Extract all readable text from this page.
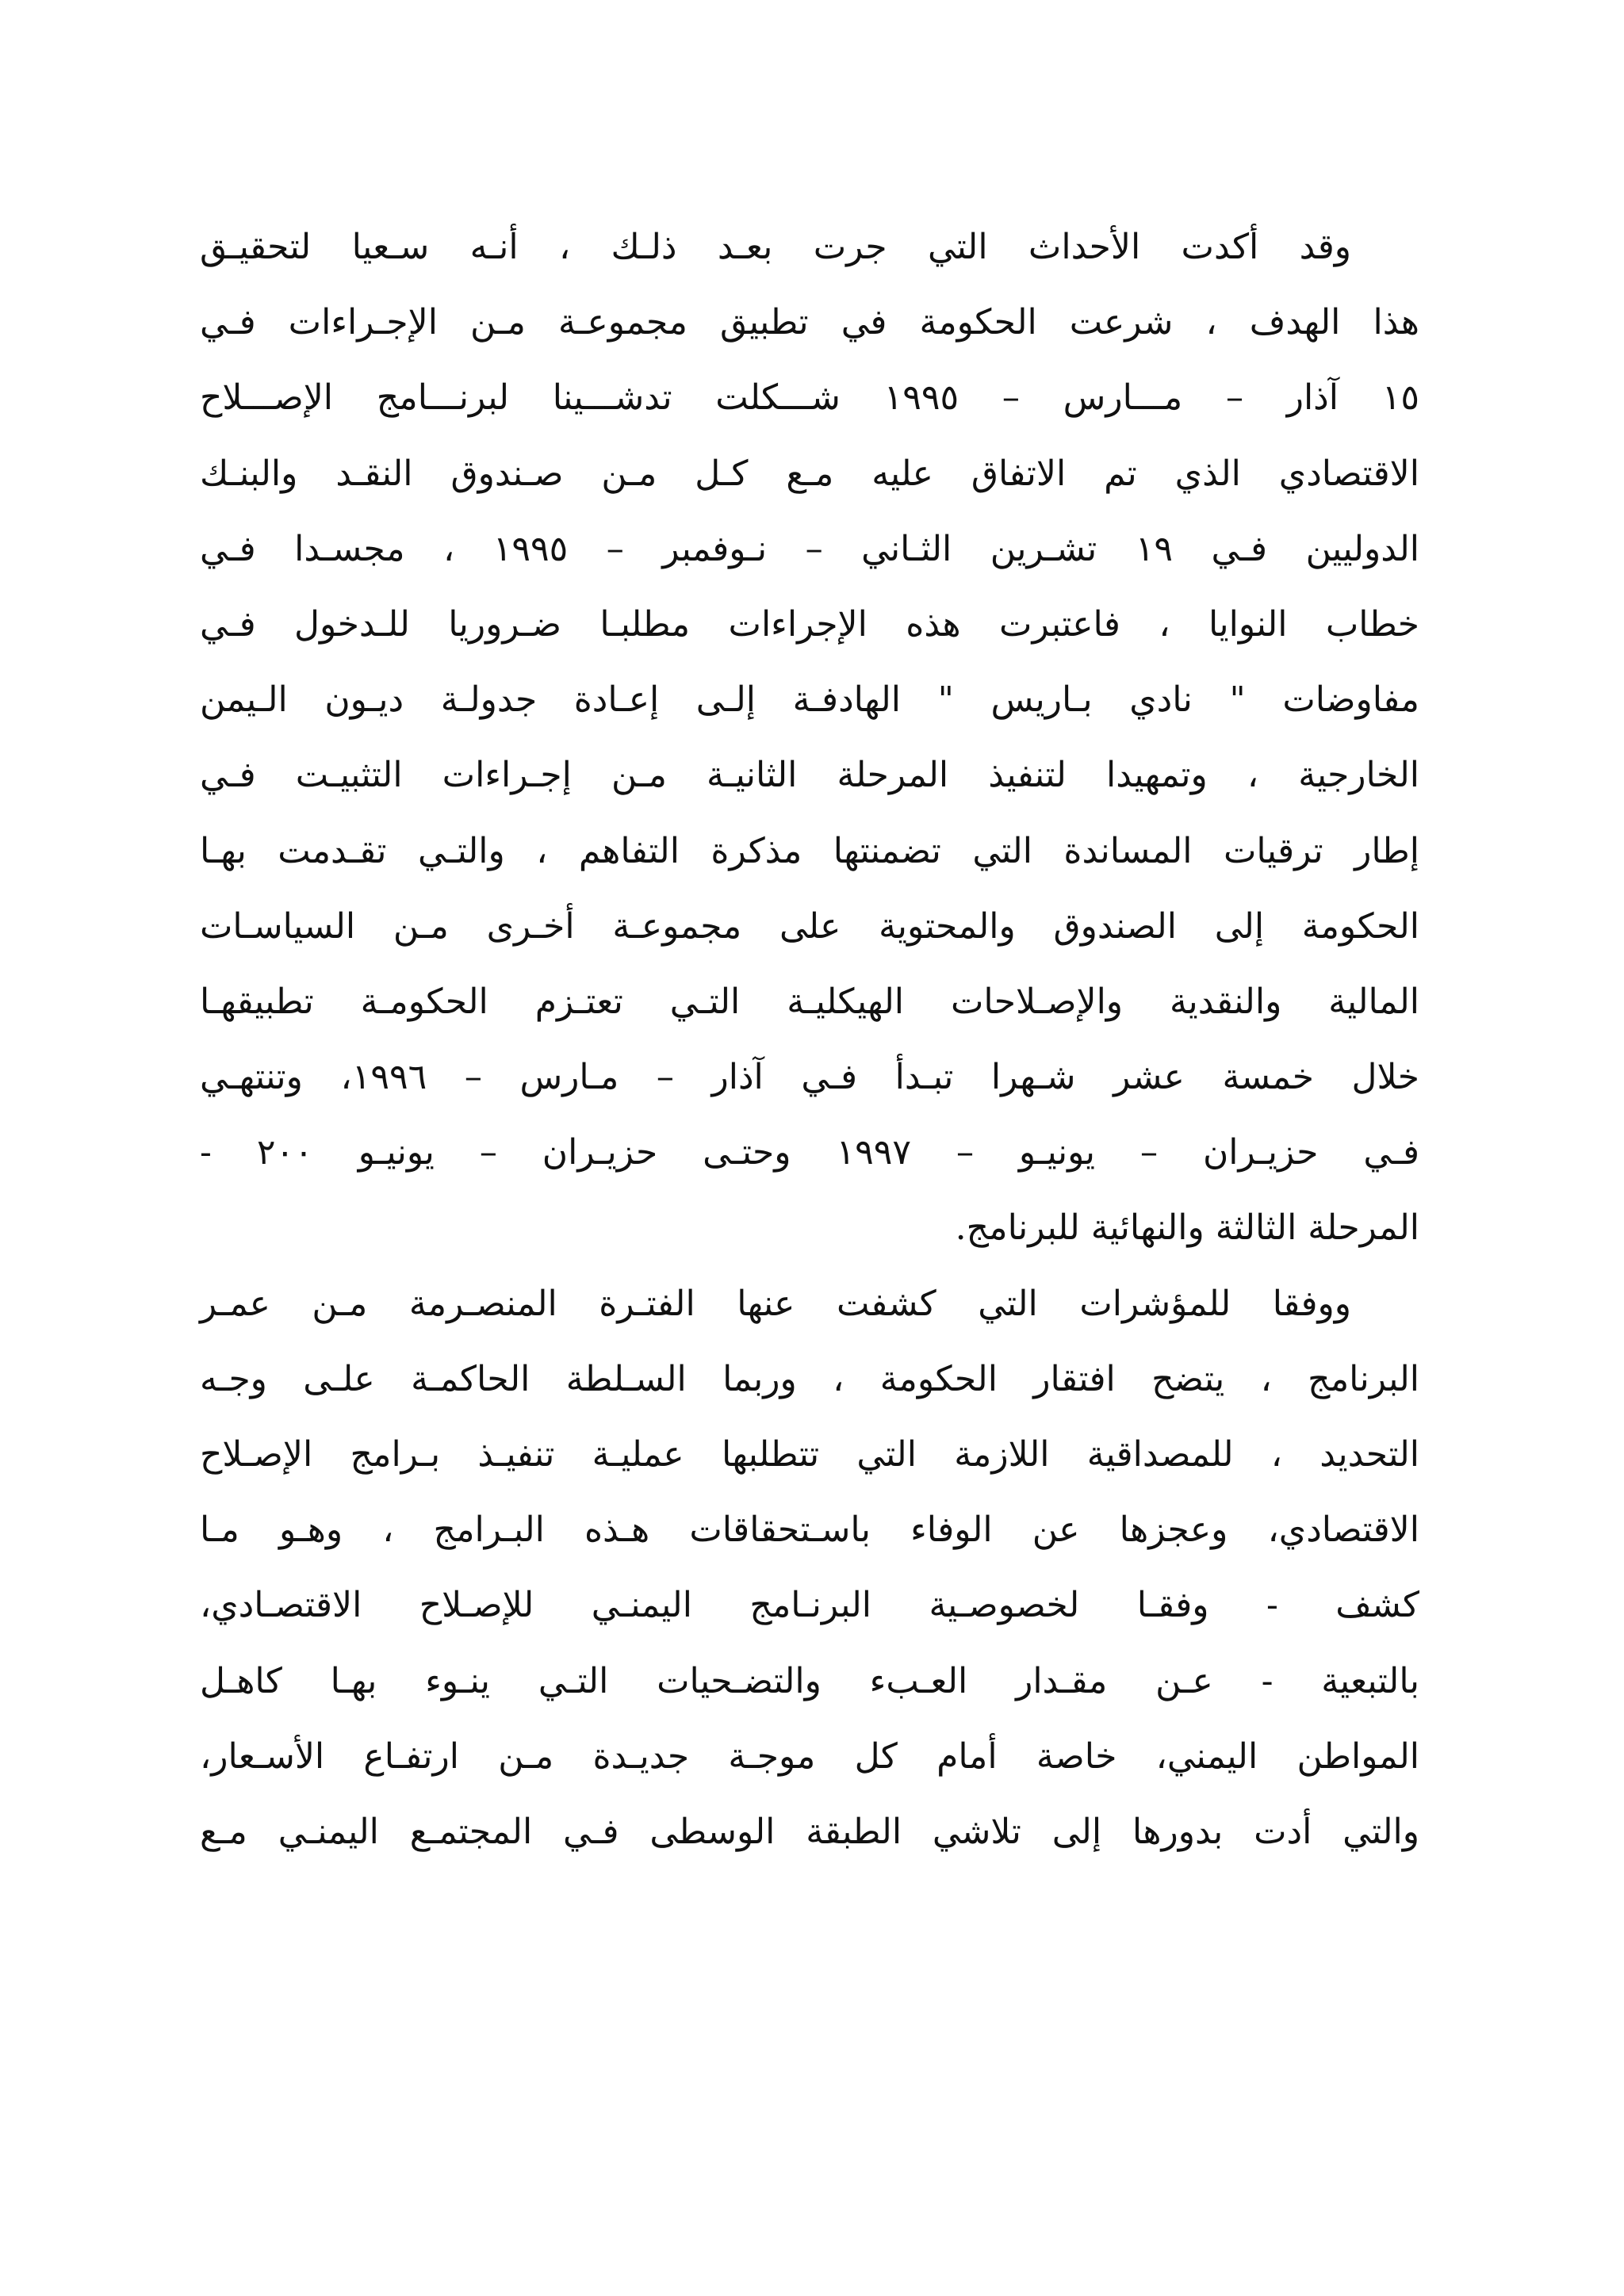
وقد أكدت الأحداث التي جرت بعـد ذلـك ، أنـه سـعيا لتحقيـق
هذا الهدف ، شرعت الحكومة في تطبيق مجموعـة مـن الإجـراءات فـي
١٥ آذار – مـــارس – ١٩٩٥ شـــكلت تدشـــينا لبرنـــامج الإصـــلاح
الاقتصادي الذي تم الاتفاق عليه مـع كـل مـن صـندوق النقـد والبنـك
الدوليين فـي ١٩ تشـرين الثـاني – نـوفمبر – ١٩٩٥ ، مجسـدا فـي
خطاب النوايا ، فاعتبرت هذه الإجراءات مطلبـا ضـروريا للـدخول فـي
مفاوضات " نادي بـاريس " الهادفـة إلـى إعـادة جدولـة ديـون الـيمن
الخارجية ، وتمهيدا لتنفيذ المرحلة الثانيـة مـن إجـراءات التثبيـت فـي
إطار ترقيات المساندة التي تضمنتها مذكرة التفاهم ، والتـي تقـدمت بهـا
الحكومة إلى الصندوق والمحتوية على مجموعـة أخـرى مـن السياسـات
المالية والنقدية والإصـلاحات الهيكليـة التـي تعتـزم الحكومـة تطبيقهـا
خلال خمسة عشر شـهرا تبـدأ فـي آذار – مـارس – ١٩٩٦، وتنتهـي
فـي حزيـران – يونيـو – ١٩٩٧ وحتـى حزيـران – يونيـو ٢٠٠ -
المرحلة الثالثة والنهائية للبرنامج.

ووفقا للمؤشرات التي كشفت عنها الفتـرة المنصـرمة مـن عمـر
البرنامج ، يتضح افتقار الحكومة ، وربما السـلطة الحاكمـة علـى وجـه
التحديد ، للمصداقية اللازمة التي تتطلبها عمليـة تنفيـذ بـرامج الإصـلاح
الاقتصادي، وعجزها عن الوفاء باسـتحقاقات هـذه البـرامج ، وهـو مـا
كشف - وفقـا لخصوصـية البرنـامج اليمنـي للإصـلاح الاقتصـادي،
بالتبعية - عـن مقـدار العـبء والتضـحيات التـي ينـوء بهـا كاهـل
المواطن اليمني، خاصة أمام كل موجـة جديـدة مـن ارتفـاع الأسـعار،
والتي أدت بدورها إلى تلاشي الطبقة الوسطى فـي المجتمـع اليمنـي مـع
